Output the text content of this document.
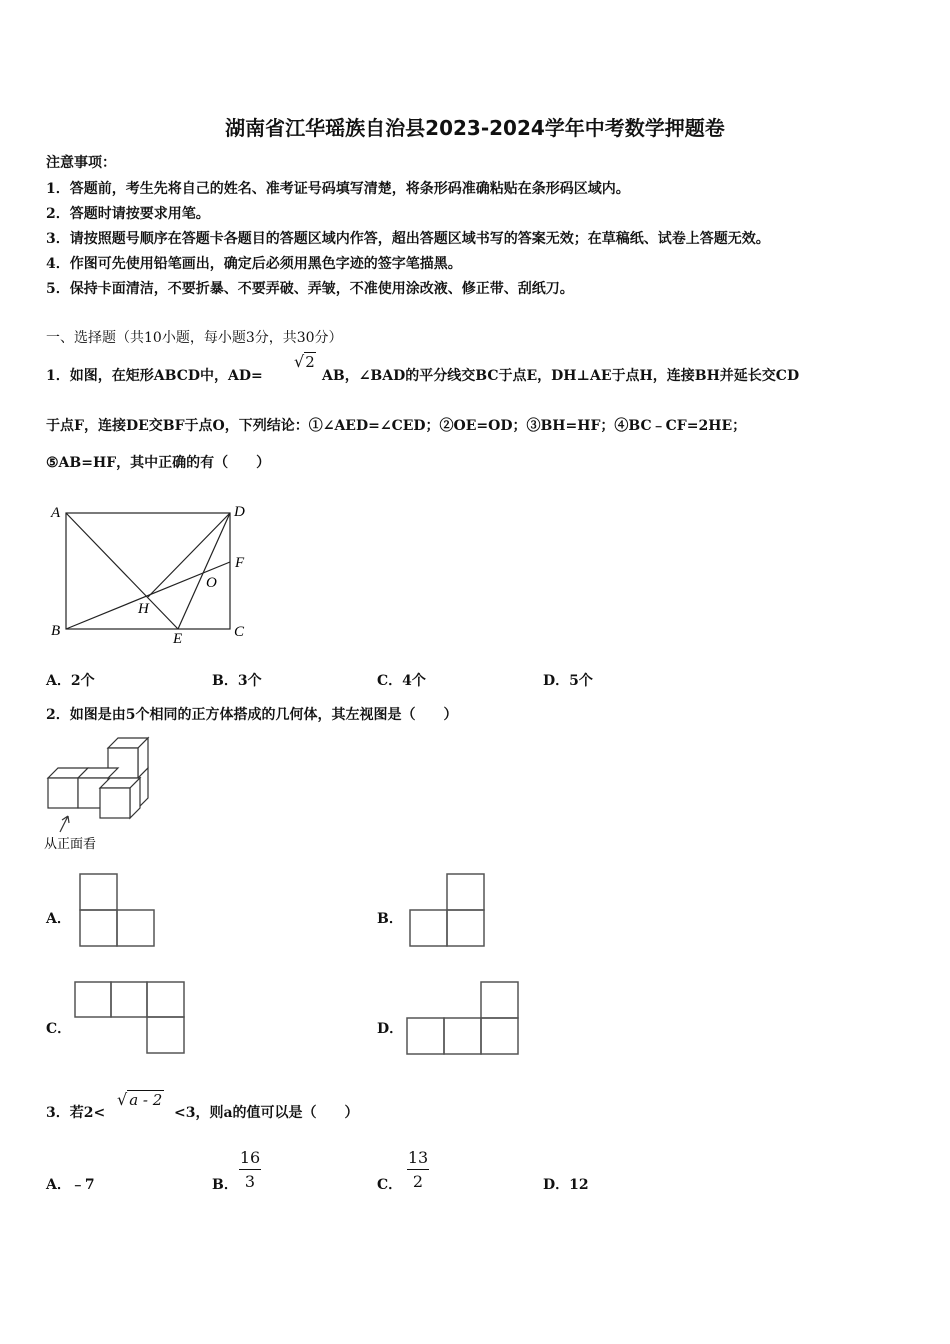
湖南省江华瑶族自治县2023-2024学年中考数学押题卷
注意事项：
1．答题前，考生先将自己的姓名、准考证号码填写清楚，将条形码准确粘贴在条形码区域内。
2．答题时请按要求用笔。
3．请按照题号顺序在答题卡各题目的答题区域内作答，超出答题区域书写的答案无效；在草稿纸、试卷上答题无效。
4．作图可先使用铅笔画出，确定后必须用黑色字迹的签字笔描黑。
5．保持卡面清洁，不要折暴、不要弄破、弄皱，不准使用涂改液、修正带、刮纸刀。
一、选择题（共10小题，每小题3分，共30分）
1．如图，在矩形ABCD中，AD=
√2
AB，∠BAD的平分线交BC于点E，DH⊥AE于点H，连接BH并延长交CD
于点F，连接DE交BF于点O，下列结论：①∠AED=∠CED；②OE=OD；③BH=HF；④BC﹣CF=2HE；
⑤AB=HF，其中正确的有（　　）
A	D
B	C
E
F
H
O
A．2个	B．3个	C．4个	D．5个
2．如图是由5个相同的正方体搭成的几何体，其左视图是（　　）
从正面看
A．	B．
C．	D．
3．若2<
√ a - 2
<3，则a的值可以是（　　）
A．﹣7	B．
16
3	C．
13
2	D．12
